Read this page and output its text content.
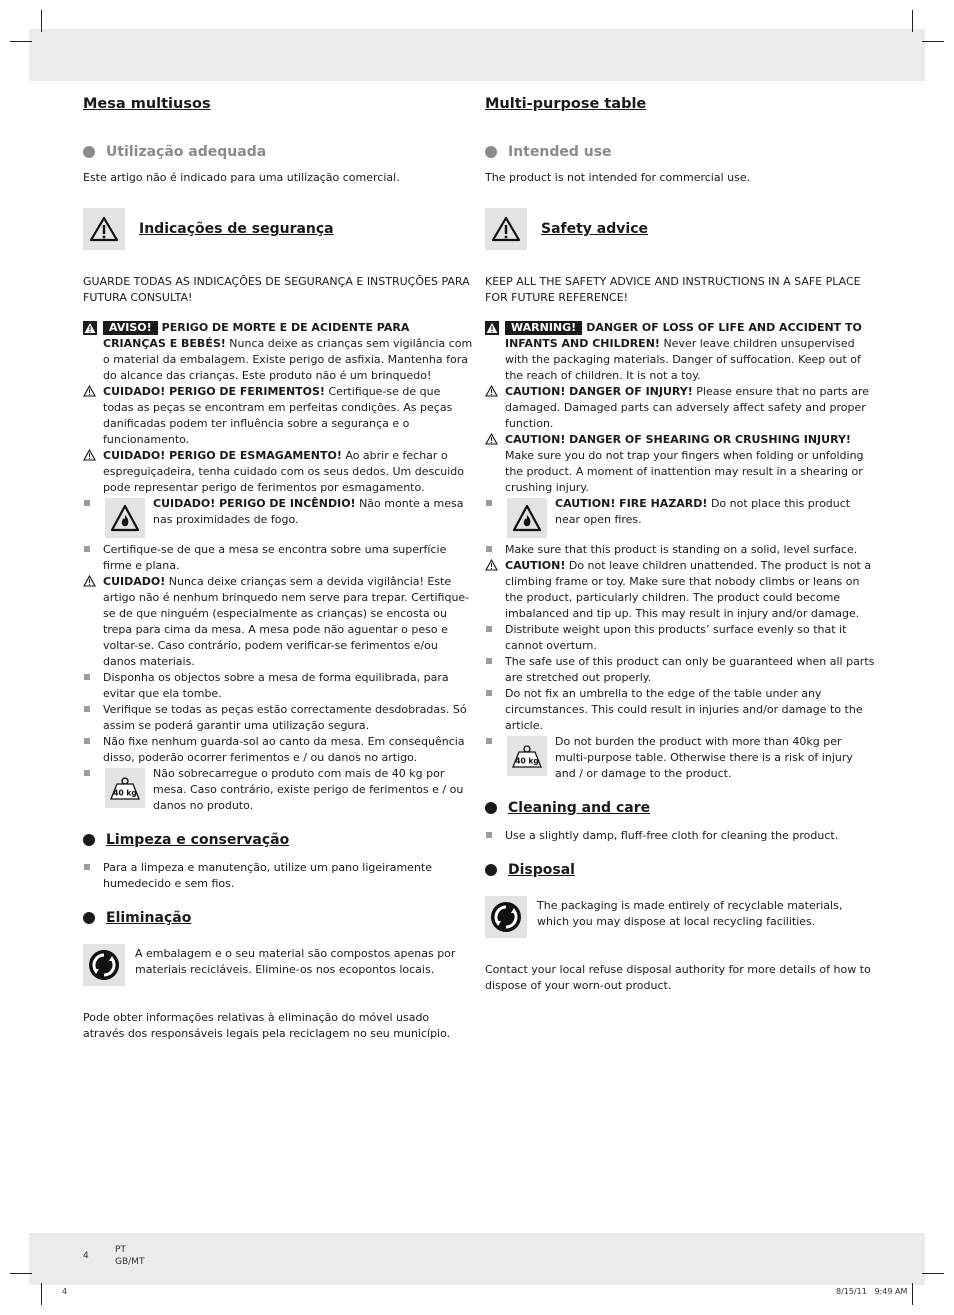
Mesa multiusos
Utilização adequada

Este artigo não é indicado para uma utilização comercial.

Indicações de segurança

GUARDE TODAS AS INDICAÇÕES DE SEGURANÇA E INSTRUÇÕES PARA FUTURA CONSULTA!

AVISO! PERIGO DE MORTE E DE ACIDENTE PARA CRIANÇAS E BEBÉS! Nunca deixe as crianças sem vigilância com o material da embalagem. Existe perigo de asfixia. Mantenha fora do alcance das crianças. Este produto não é um brinquedo!
CUIDADO! PERIGO DE FERIMENTOS! Certifique-se de que todas as peças se encontram em perfeitas condições. As peças danificadas podem ter influência sobre a segurança e o funcionamento.
CUIDADO! PERIGO DE ESMAGAMENTO! Ao abrir e fechar o espreguiçadeira, tenha cuidado com os seus dedos. Um descuido pode representar perigo de ferimentos por esmagamento.
CUIDADO! PERIGO DE INCÊNDIO! Não monte a mesa nas proximidades de fogo.
Certifique-se de que a mesa se encontra sobre uma superfície firme e plana.
CUIDADO! Nunca deixe crianças sem a devida vigilância! Este artigo não é nenhum brinquedo nem serve para trepar. Certifique-se de que ninguém (especialmente as crianças) se encosta ou trepa para cima da mesa. A mesa pode não aguentar o peso e voltar-se. Caso contrário, podem verificar-se ferimentos e/ou danos materiais.
Disponha os objectos sobre a mesa de forma equilibrada, para evitar que ela tombe.
Verifique se todas as peças estão correctamente desdobradas. Só assim se poderá garantir uma utilização segura.
Não fixe nenhum guarda-sol ao canto da mesa. Em consequência disso, poderão ocorrer ferimentos e / ou danos no artigo.
40 kg
Não sobrecarregue o produto com mais de 40 kg por mesa. Caso contrário, existe perigo de ferimentos e / ou danos no produto.
Limpeza e conservação
Para a limpeza e manutenção, utilize um pano ligeiramente humedecido e sem fios.
Eliminação
A embalagem e o seu material são compostos apenas por materiais recicláveis. Elimine-os nos ecopontos locais.

Pode obter informações relativas à eliminação do móvel usado através dos responsáveis legais pela reciclagem no seu município.

Multi-purpose table
Intended use

The product is not intended for commercial use.

Safety advice

KEEP ALL THE SAFETY ADVICE AND INSTRUCTIONS IN A SAFE PLACE FOR FUTURE REFERENCE!

WARNING! DANGER OF LOSS OF LIFE AND ACCIDENT TO INFANTS AND CHILDREN! Never leave children unsupervised with the packaging materials. Danger of suffocation. Keep out of the reach of children. It is not a toy.
CAUTION! DANGER OF INJURY! Please ensure that no parts are damaged. Damaged parts can adversely affect safety and proper function.
CAUTION! DANGER OF SHEARING OR CRUSHING INJURY! Make sure you do not trap your fingers when folding or unfolding the product. A moment of inattention may result in a shearing or crushing injury.
CAUTION! FIRE HAZARD! Do not place this product near open fires.
Make sure that this product is standing on a solid, level surface.
CAUTION! Do not leave children unattended. The product is not a climbing frame or toy. Make sure that nobody climbs or leans on the product, particularly children. The product could become imbalanced and tip up. This may result in injury and/or damage.
Distribute weight upon this products’ surface evenly so that it cannot overturn.
The safe use of this product can only be guaranteed when all parts are stretched out properly.
Do not fix an umbrella to the edge of the table under any circumstances. This could result in injuries and/or damage to the article.
40 kg
Do not burden the product with more than 40kg per multi-purpose table. Otherwise there is a risk of injury and / or damage to the product.
Cleaning and care
Use a slightly damp, fluff-free cloth for cleaning the product.
Disposal
The packaging is made entirely of recyclable materials, which you may dispose at local recycling facilities.

Contact your local refuse disposal authority for more details of how to dispose of your worn-out product.

4
PT
GB/MT
4	8/15/11   9:49 AM
